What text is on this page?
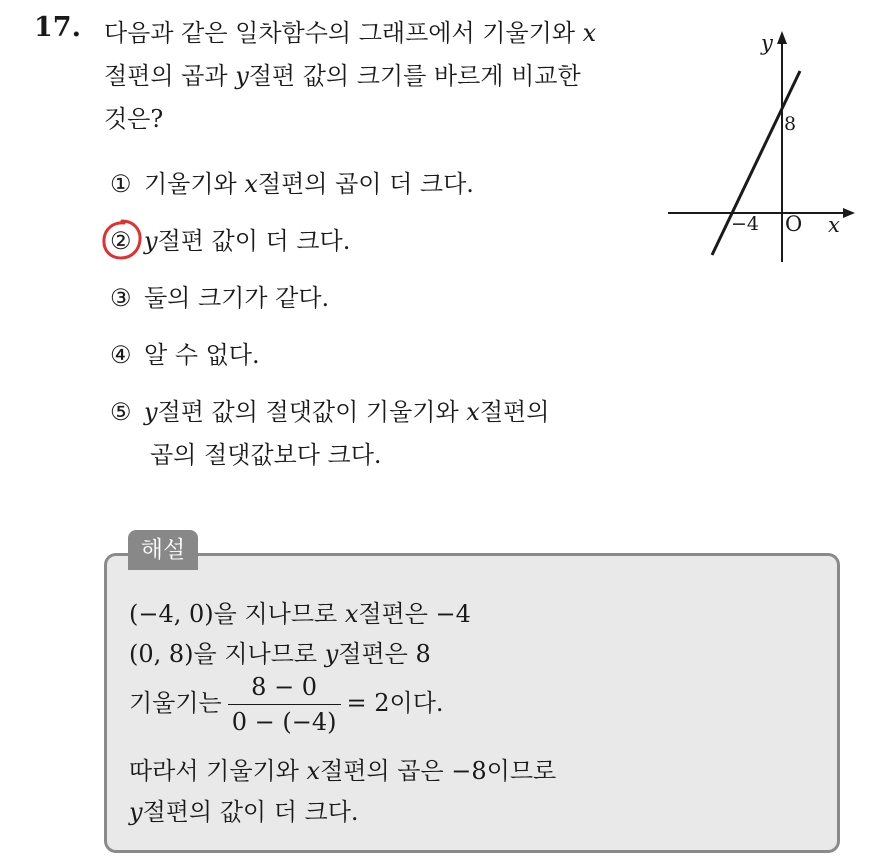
17. 다음과 같은 일차함수의 그래프에서 기울기와 x
절편의 곱과 y절편 값의 크기를 바르게 비교한
것은?
① 기울기와 x절편의 곱이 더 크다.
② y절편 값이 더 크다.
③ 둘의 크기가 같다.
④ 알 수 없다.
⑤ y절편 값의 절댓값이 기울기와 x절편의
곱의 절댓값보다 크다.
y
8
−4 O x
(−4, 0)을 지나므로 x절편은 −4
(0, 8)을 지나므로 y절편은 8
기울기는 $\frac{8 - 0}{0 - (-4)} = 2$이다.
따라서 기울기와 x절편의 곱은 −8이므로
y절편의 값이 더 크다.
해설
